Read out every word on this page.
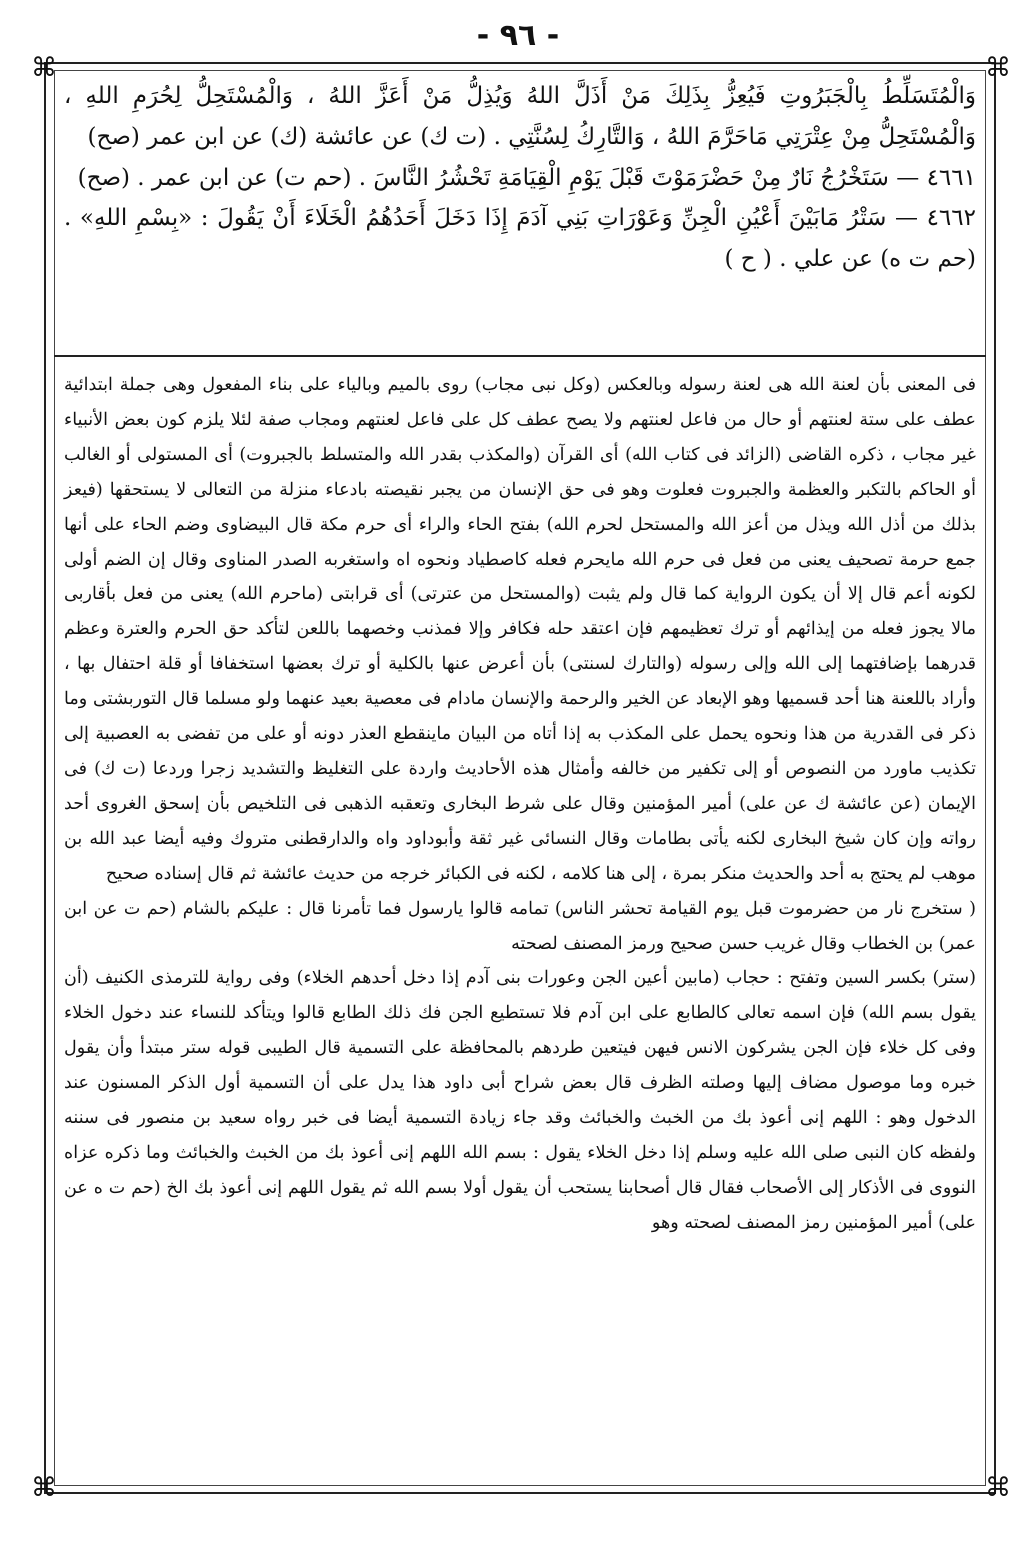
- ٩٦ -
⌘	⌘
⌘	⌘

وَالْمُتَسَلِّطُ بِالْجَبَرُوتِ فَيُعِزُّ بِذَلِكَ مَنْ أَذَلَّ اللهُ وَيُذِلُّ مَنْ أَعَزَّ اللهُ ، وَالْمُسْتَحِلُّ لِحُرَمِ اللهِ ، وَالْمُسْتَحِلُّ مِنْ عِتْرَتِي مَاحَرَّمَ اللهُ ، وَالتَّارِكُ لِسُنَّتِي . (ت ك) عن عائشة (ك) عن ابن عمر (صح)

٤٦٦١ — سَتَخْرُجُ نَارٌ مِنْ حَضْرَمَوْتَ قَبْلَ يَوْمِ الْقِيَامَةِ تَحْشُرُ النَّاسَ . (حم ت) عن ابن عمر . (صح)

٤٦٦٢ — سَتْرُ مَابَيْنَ أَعْيُنِ الْجِنِّ وَعَوْرَاتِ بَنِي آدَمَ إِذَا دَخَلَ أَحَدُهُمُ الْخَلَاءَ أَنْ يَقُولَ : «بِسْمِ اللهِ» . (حم ت ه) عن علي . ( ح )

فى المعنى بأن لعنة الله هى لعنة رسوله وبالعكس (وكل نبى مجاب) روى بالميم وبالياء على بناء المفعول وهى جملة ابتدائية عطف على ستة لعنتهم أو حال من فاعل لعنتهم ولا يصح عطف كل على فاعل لعنتهم ومجاب صفة لئلا يلزم كون بعض الأنبياء غير مجاب ، ذكره القاضى (الزائد فى كتاب الله) أى القرآن (والمكذب بقدر الله والمتسلط بالجبروت) أى المستولى أو الغالب أو الحاكم بالتكبر والعظمة والجبروت فعلوت وهو فى حق الإنسان من يجبر نقيصته بادعاء منزلة من التعالى لا يستحقها (فيعز بذلك من أذل الله ويذل من أعز الله والمستحل لحرم الله) بفتح الحاء والراء أى حرم مكة قال البيضاوى وضم الحاء على أنها جمع حرمة تصحيف يعنى من فعل فى حرم الله مايحرم فعله كاصطياد ونحوه اه واستغربه الصدر المناوى وقال إن الضم أولى لكونه أعم قال إلا أن يكون الرواية كما قال ولم يثبت (والمستحل من عترتى) أى قرابتى (ماحرم الله) يعنى من فعل بأقاربى مالا يجوز فعله من إيذائهم أو ترك تعظيمهم فإن اعتقد حله فكافر وإلا فمذنب وخصهما باللعن لتأكد حق الحرم والعترة وعظم قدرهما بإضافتهما إلى الله وإلى رسوله (والتارك لسنتى) بأن أعرض عنها بالكلية أو ترك بعضها استخفافا أو قلة احتفال بها ، وأراد باللعنة هنا أحد قسميها وهو الإبعاد عن الخير والرحمة والإنسان مادام فى معصية بعيد عنهما ولو مسلما قال التوربشتى وما ذكر فى القدرية من هذا ونحوه يحمل على المكذب به إذا أتاه من البيان ماينقطع العذر دونه أو على من تفضى به العصبية إلى تكذيب ماورد من النصوص أو إلى تكفير من خالفه وأمثال هذه الأحاديث واردة على التغليظ والتشديد زجرا وردعا (ت ك) فى الإيمان (عن عائشة ك عن على) أمير المؤمنين وقال على شرط البخارى وتعقبه الذهبى فى التلخيص بأن إسحق الغروى أحد رواته وإن كان شيخ البخارى لكنه يأتى بطامات وقال النسائى غير ثقة وأبوداود واه والدارقطنى متروك وفيه أيضا عبد الله بن موهب لم يحتج به أحد والحديث منكر بمرة ، إلى هنا كلامه ، لكنه فى الكبائر خرجه من حديث عائشة ثم قال إسناده صحيح

( ستخرج نار من حضرموت قبل يوم القيامة تحشر الناس) تمامه قالوا يارسول فما تأمرنا قال : عليكم بالشام (حم ت عن ابن عمر) بن الخطاب وقال غريب حسن صحيح ورمز المصنف لصحته

(ستر) بكسر السين وتفتح : حجاب (مابين أعين الجن وعورات بنى آدم إذا دخل أحدهم الخلاء) وفى رواية للترمذى الكنيف (أن يقول بسم الله) فإن اسمه تعالى كالطابع على ابن آدم فلا تستطيع الجن فك ذلك الطابع قالوا ويتأكد للنساء عند دخول الخلاء وفى كل خلاء فإن الجن يشركون الانس فيهن فيتعين طردهم بالمحافظة على التسمية قال الطيبى قوله ستر مبتدأ وأن يقول خبره وما موصول مضاف إليها وصلته الظرف قال بعض شراح أبى داود هذا يدل على أن التسمية أول الذكر المسنون عند الدخول وهو : اللهم إنى أعوذ بك من الخبث والخبائث وقد جاء زيادة التسمية أيضا فى خبر رواه سعيد بن منصور فى سننه ولفظه كان النبى صلى الله عليه وسلم إذا دخل الخلاء يقول : بسم الله اللهم إنى أعوذ بك من الخبث والخبائث وما ذكره عزاه النووى فى الأذكار إلى الأصحاب فقال قال أصحابنا يستحب أن يقول أولا بسم الله ثم يقول اللهم إنى أعوذ بك الخ (حم ت ه عن على) أمير المؤمنين رمز المصنف لصحته وهو
